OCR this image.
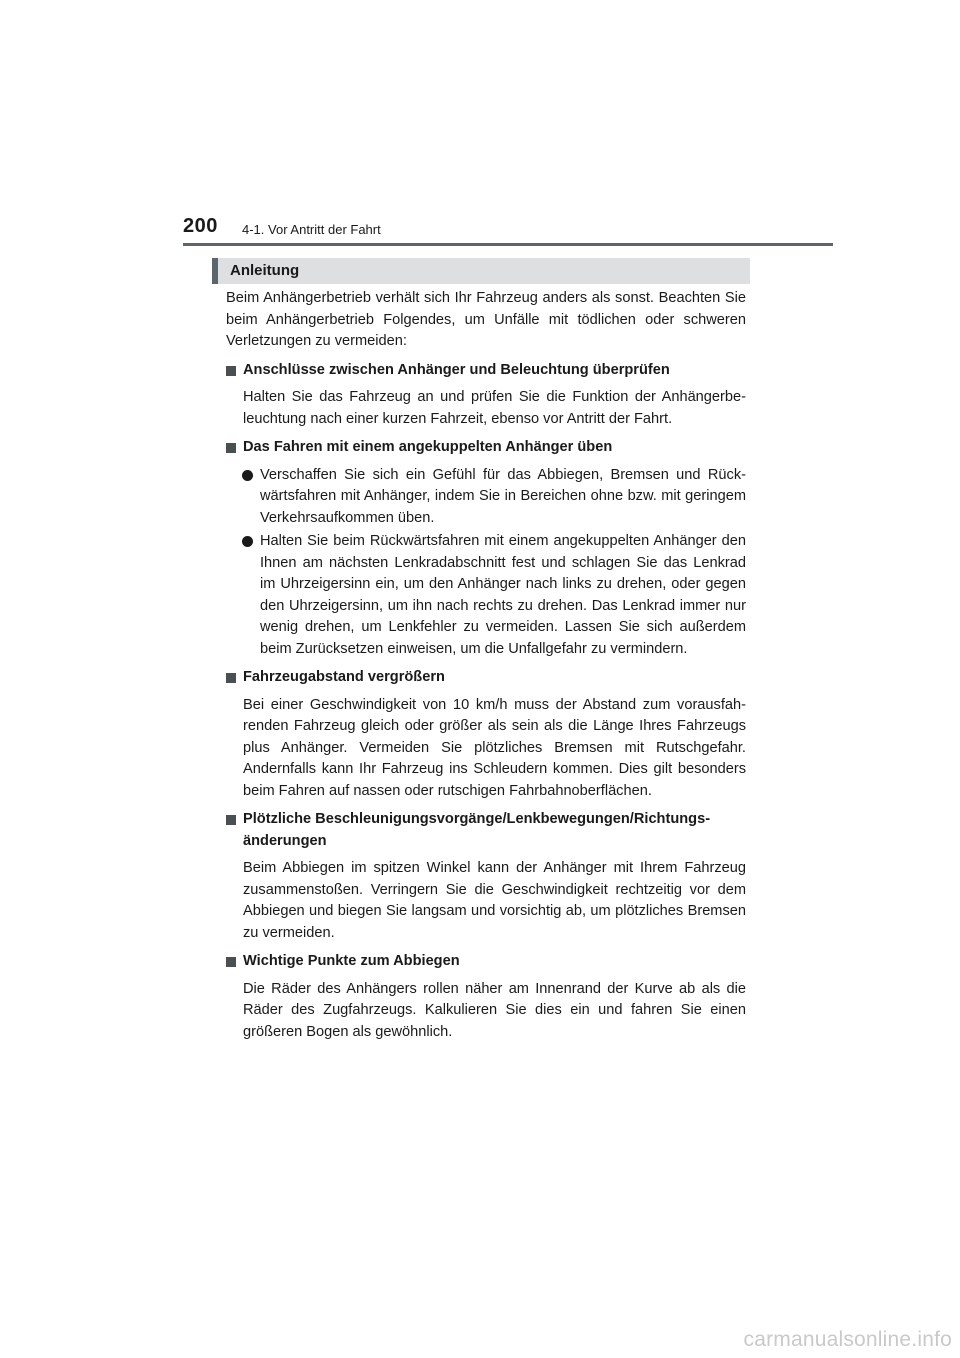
200 4-1. Vor Antritt der Fahrt
Anleitung

Beim Anhängerbetrieb verhält sich Ihr Fahrzeug anders als sonst. Beachten Sie beim Anhängerbetrieb Folgendes, um Unfälle mit tödlichen oder schweren Verletzungen zu vermeiden:

Anschlüsse zwischen Anhänger und Beleuchtung überprüfen

Halten Sie das Fahrzeug an und prüfen Sie die Funktion der Anhängerbeleuchtung nach einer kurzen Fahrzeit, ebenso vor Antritt der Fahrt.

Das Fahren mit einem angekuppelten Anhänger üben
Verschaffen Sie sich ein Gefühl für das Abbiegen, Bremsen und Rückwärtsfahren mit Anhänger, indem Sie in Bereichen ohne bzw. mit geringem Verkehrsaufkommen üben.
Halten Sie beim Rückwärtsfahren mit einem angekuppelten Anhänger den Ihnen am nächsten Lenkradabschnitt fest und schlagen Sie das Lenkrad im Uhrzeigersinn ein, um den Anhänger nach links zu drehen, oder gegen den Uhrzeigersinn, um ihn nach rechts zu drehen. Das Lenkrad immer nur wenig drehen, um Lenkfehler zu vermeiden. Lassen Sie sich außerdem beim Zurücksetzen einweisen, um die Unfallgefahr zu vermindern.
Fahrzeugabstand vergrößern

Bei einer Geschwindigkeit von 10 km/h muss der Abstand zum vorausfahrenden Fahrzeug gleich oder größer als sein als die Länge Ihres Fahrzeugs plus Anhänger. Vermeiden Sie plötzliches Bremsen mit Rutschgefahr. Andernfalls kann Ihr Fahrzeug ins Schleudern kommen. Dies gilt besonders beim Fahren auf nassen oder rutschigen Fahrbahnoberflächen.

Plötzliche Beschleunigungsvorgänge/Lenkbewegungen/Richtungsänderungen

Beim Abbiegen im spitzen Winkel kann der Anhänger mit Ihrem Fahrzeug zusammenstoßen. Verringern Sie die Geschwindigkeit rechtzeitig vor dem Abbiegen und biegen Sie langsam und vorsichtig ab, um plötzliches Bremsen zu vermeiden.

Wichtige Punkte zum Abbiegen

Die Räder des Anhängers rollen näher am Innenrand der Kurve ab als die Räder des Zugfahrzeugs. Kalkulieren Sie dies ein und fahren Sie einen größeren Bogen als gewöhnlich.

carmanualsonline.info
